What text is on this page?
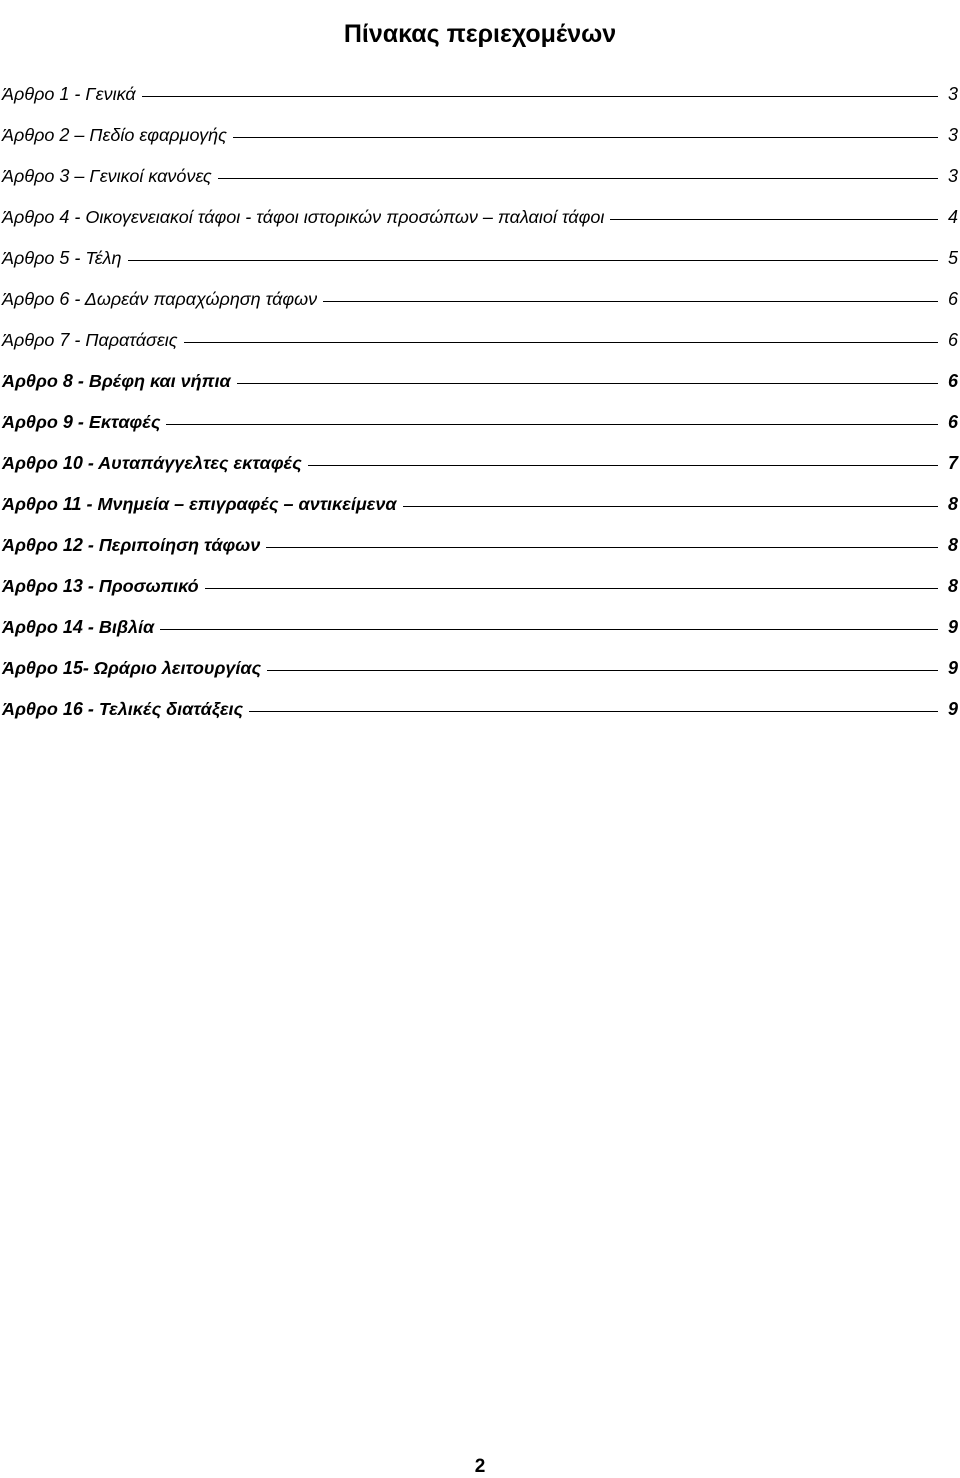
Πίνακας περιεχομένων
Άρθρο 1 - Γενικά	3
Άρθρο 2 – Πεδίο εφαρμογής	3
Άρθρο 3 – Γενικοί κανόνες	3
Άρθρο 4 - Οικογενειακοί τάφοι - τάφοι ιστορικών προσώπων – παλαιοί τάφοι	4
Άρθρο 5 - Τέλη	5
Άρθρο 6 - Δωρεάν παραχώρηση τάφων	6
Άρθρο 7 - Παρατάσεις	6
Άρθρο 8 - Βρέφη και νήπια	6
Άρθρο 9 - Εκταφές	6
Άρθρο 10 - Αυταπάγγελτες εκταφές	7
Άρθρο 11 - Μνημεία – επιγραφές – αντικείμενα	8
Άρθρο 12 - Περιποίηση τάφων	8
Άρθρο 13 - Προσωπικό	8
Άρθρο 14 - Βιβλία	9
Άρθρο 15- Ωράριο λειτουργίας	9
Άρθρο 16 - Τελικές διατάξεις	9
2
